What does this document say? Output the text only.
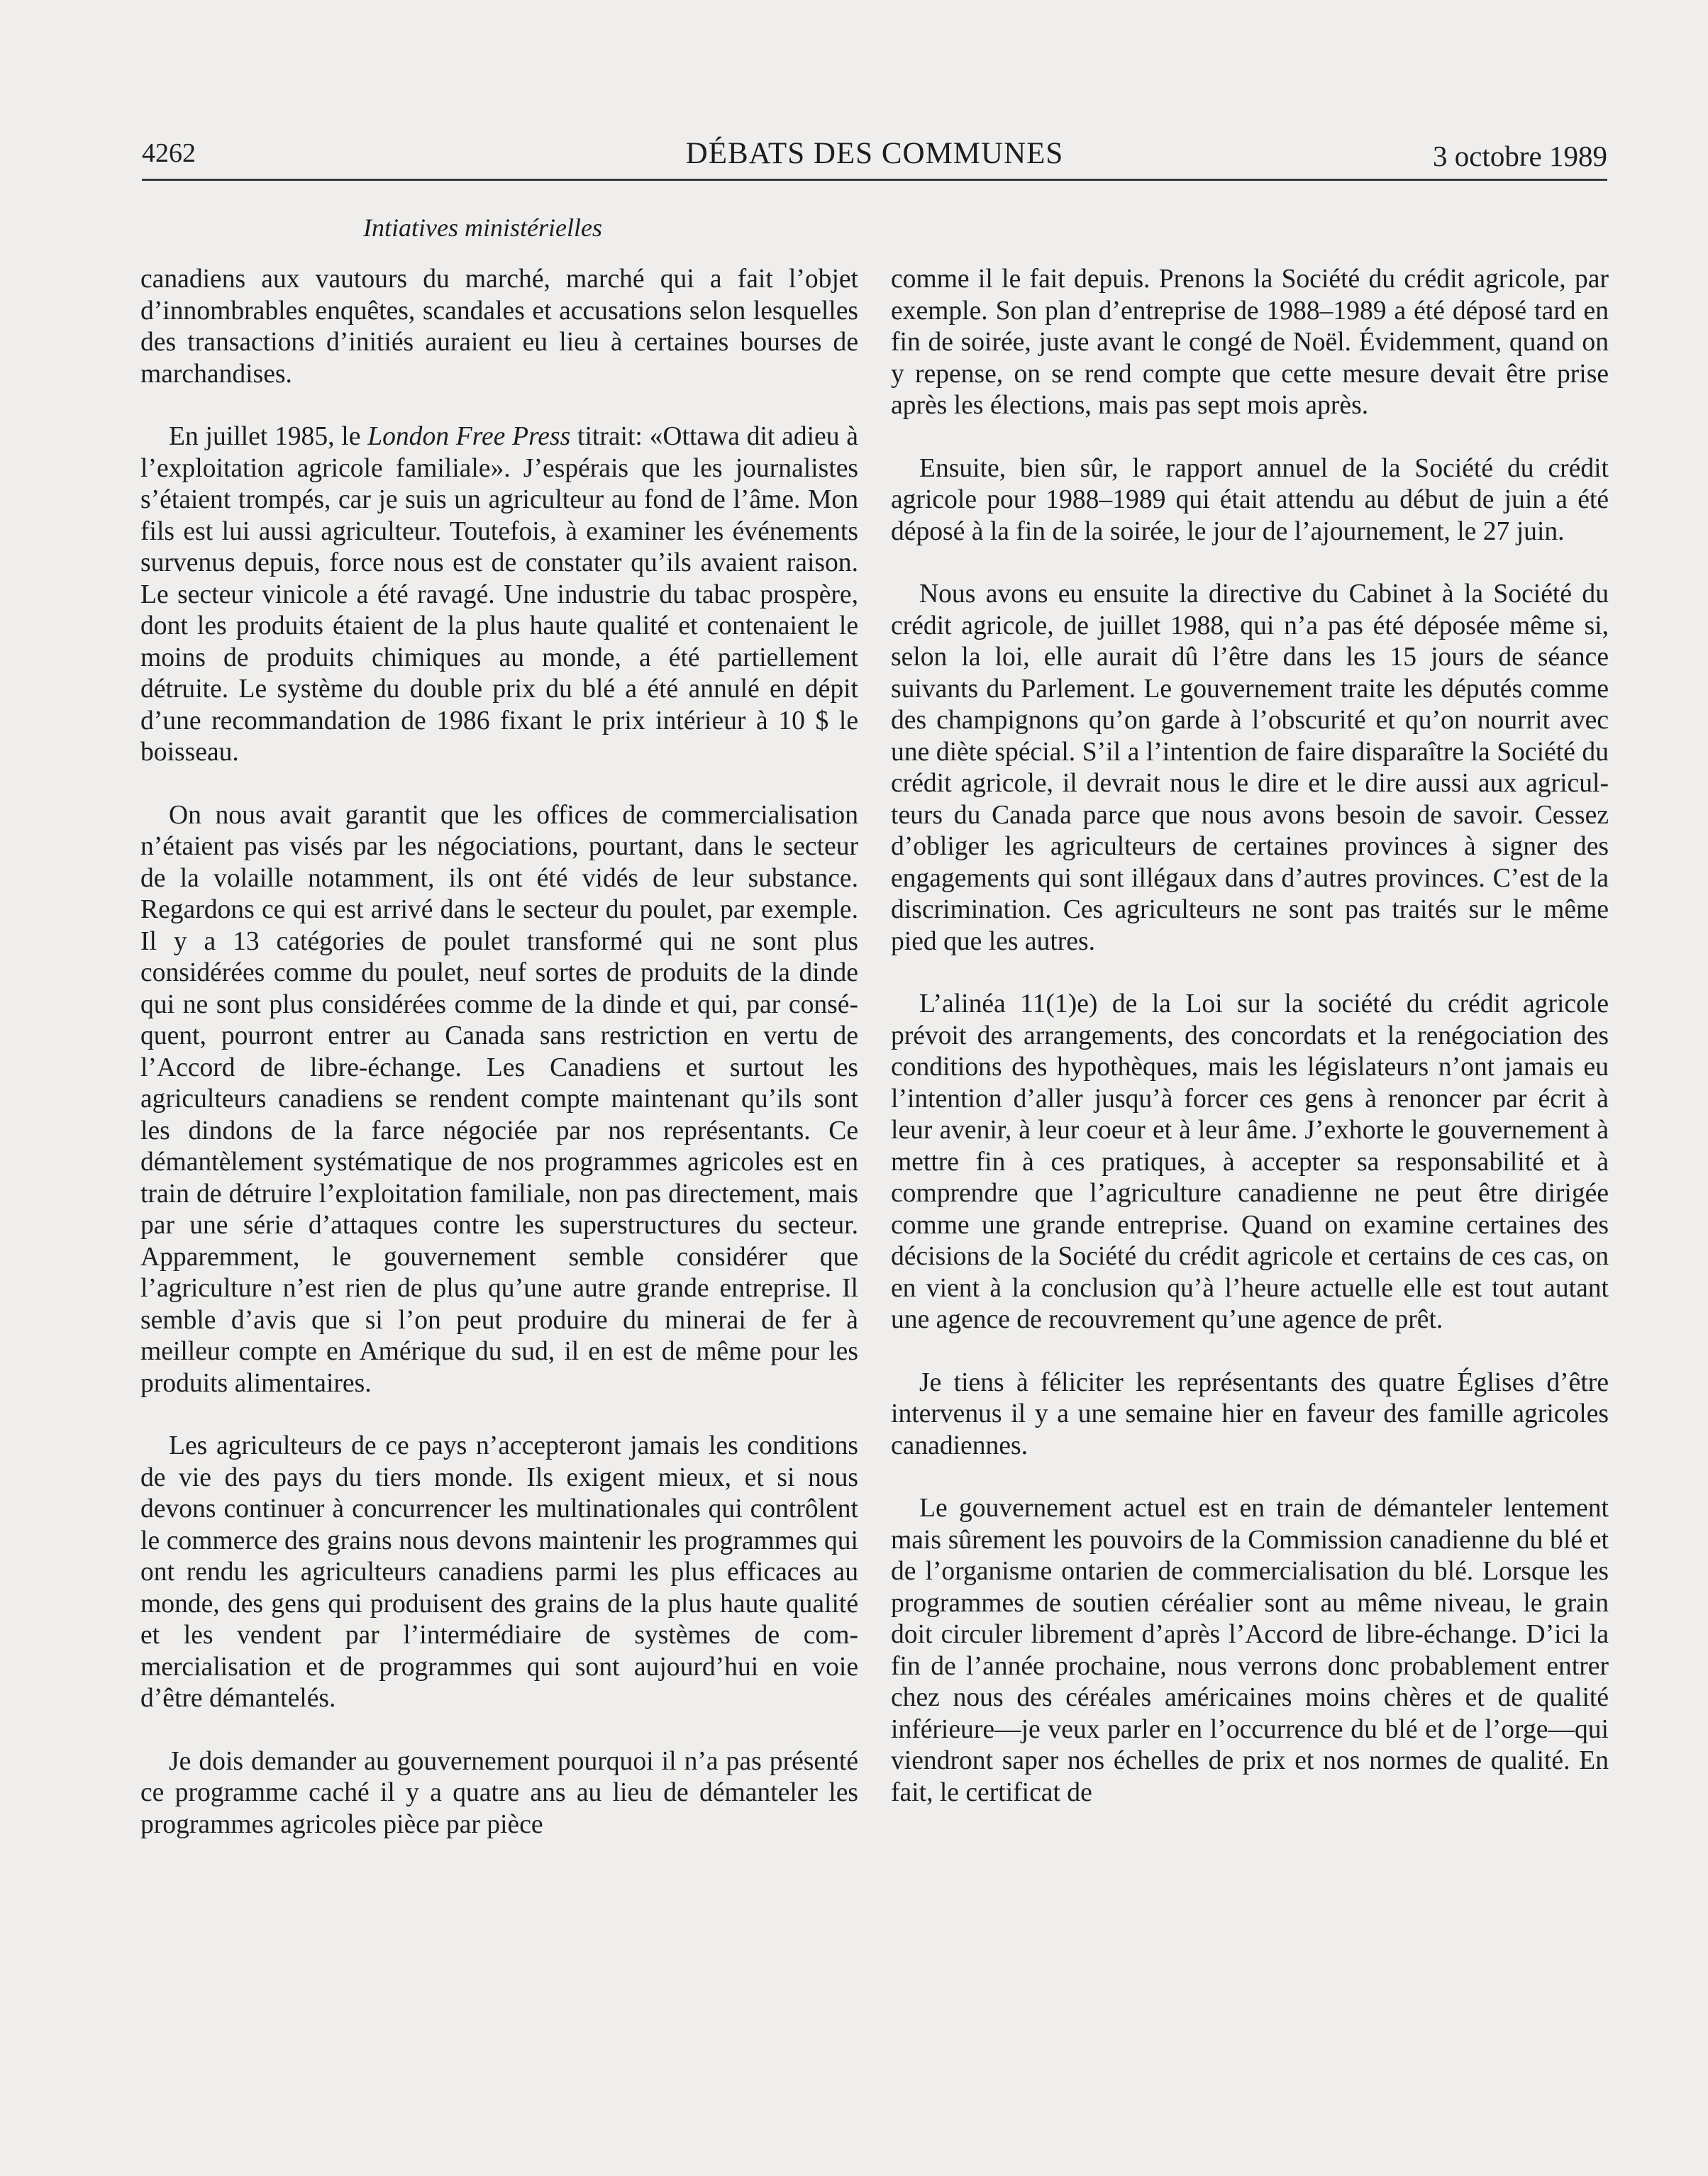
4262	DÉBATS DES COMMUNES	3 octobre 1989
Intiatives ministérielles

canadiens aux vautours du marché, marché qui a fait l’objet d’innombrables enquêtes, scandales et accusations selon lesquelles des transactions d’initiés auraient eu lieu à certaines bourses de marchandises.

En juillet 1985, le London Free Press titrait: «Ottawa dit adieu à l’exploitation agricole familiale». J’espérais que les journalistes s’étaient trompés, car je suis un agriculteur au fond de l’âme. Mon fils est lui aussi agriculteur. Toutefois, à examiner les événements survenus depuis, force nous est de constater qu’ils avaient raison. Le secteur vinicole a été ravagé. Une industrie du tabac prospère, dont les produits étaient de la plus haute qualité et contenaient le moins de produits chimiques au monde, a été partiellement détruite. Le système du double prix du blé a été annulé en dépit d’une recommandation de 1986 fixant le prix intérieur à 10 $ le boisseau.

On nous avait garantit que les offices de commercialisation n’étaient pas visés par les négociations, pourtant, dans le secteur de la volaille notamment, ils ont été vidés de leur substance. Regardons ce qui est arrivé dans le secteur du poulet, par exemple. Il y a 13 catégories de poulet transformé qui ne sont plus considérées comme du poulet, neuf sortes de produits de la dinde qui ne sont plus considérées comme de la dinde et qui, par conséquent, pourront entrer au Canada sans restriction en vertu de l’Accord de libre-échange. Les Canadiens et surtout les agriculteurs canadiens se rendent compte maintenant qu’ils sont les dindons de la farce négociée par nos représentants. Ce démantèlement systématique de nos programmes agricoles est en train de détruire l’exploitation familiale, non pas directement, mais par une série d’attaques contre les superstructures du secteur. Apparemment, le gouvernement semble considérer que l’agriculture n’est rien de plus qu’une autre grande entreprise. Il semble d’avis que si l’on peut produire du minerai de fer à meilleur compte en Amérique du sud, il en est de même pour les produits alimentaires.

Les agriculteurs de ce pays n’accepteront jamais les conditions de vie des pays du tiers monde. Ils exigent mieux, et si nous devons continuer à concurrencer les multinationales qui contrôlent le commerce des grains nous devons maintenir les programmes qui ont rendu les agriculteurs canadiens parmi les plus efficaces au monde, des gens qui produisent des grains de la plus haute qualité et les vendent par l’intermédiaire de systèmes de commercialisation et de programmes qui sont aujourd’hui en voie d’être démantelés.

Je dois demander au gouvernement pourquoi il n’a pas présenté ce programme caché il y a quatre ans au lieu de démanteler les programmes agricoles pièce par pièce

comme il le fait depuis. Prenons la Société du crédit agricole, par exemple. Son plan d’entreprise de 1988–1989 a été déposé tard en fin de soirée, juste avant le congé de Noël. Évidemment, quand on y repense, on se rend compte que cette mesure devait être prise après les élections, mais pas sept mois après.

Ensuite, bien sûr, le rapport annuel de la Société du crédit agricole pour 1988–1989 qui était attendu au début de juin a été déposé à la fin de la soirée, le jour de l’ajournement, le 27 juin.

Nous avons eu ensuite la directive du Cabinet à la Société du crédit agricole, de juillet 1988, qui n’a pas été déposée même si, selon la loi, elle aurait dû l’être dans les 15 jours de séance suivants du Parlement. Le gouvernement traite les députés comme des champignons qu’on garde à l’obscurité et qu’on nourrit avec une diète spécial. S’il a l’intention de faire disparaître la Société du crédit agricole, il devrait nous le dire et le dire aussi aux agriculteurs du Canada parce que nous avons besoin de savoir. Cessez d’obliger les agriculteurs de certaines provinces à signer des engagements qui sont illégaux dans d’autres provinces. C’est de la discrimination. Ces agriculteurs ne sont pas traités sur le même pied que les autres.

L’alinéa 11(1)e) de la Loi sur la société du crédit agricole prévoit des arrangements, des concordats et la renégociation des conditions des hypothèques, mais les législateurs n’ont jamais eu l’intention d’aller jusqu’à forcer ces gens à renoncer par écrit à leur avenir, à leur coeur et à leur âme. J’exhorte le gouvernement à mettre fin à ces pratiques, à accepter sa responsabilité et à comprendre que l’agriculture canadienne ne peut être dirigée comme une grande entreprise. Quand on examine certaines des décisions de la Société du crédit agricole et certains de ces cas, on en vient à la conclusion qu’à l’heure actuelle elle est tout autant une agence de recouvrement qu’une agence de prêt.

Je tiens à féliciter les représentants des quatre Églises d’être intervenus il y a une semaine hier en faveur des famille agricoles canadiennes.

Le gouvernement actuel est en train de démanteler lentement mais sûrement les pouvoirs de la Commission canadienne du blé et de l’organisme ontarien de commercialisation du blé. Lorsque les programmes de soutien céréalier sont au même niveau, le grain doit circuler librement d’après l’Accord de libre-échange. D’ici la fin de l’année prochaine, nous verrons donc probablement entrer chez nous des céréales américaines moins chères et de qualité inférieure—je veux parler en l’occurrence du blé et de l’orge—qui viendront saper nos échelles de prix et nos normes de qualité. En fait, le certificat de
